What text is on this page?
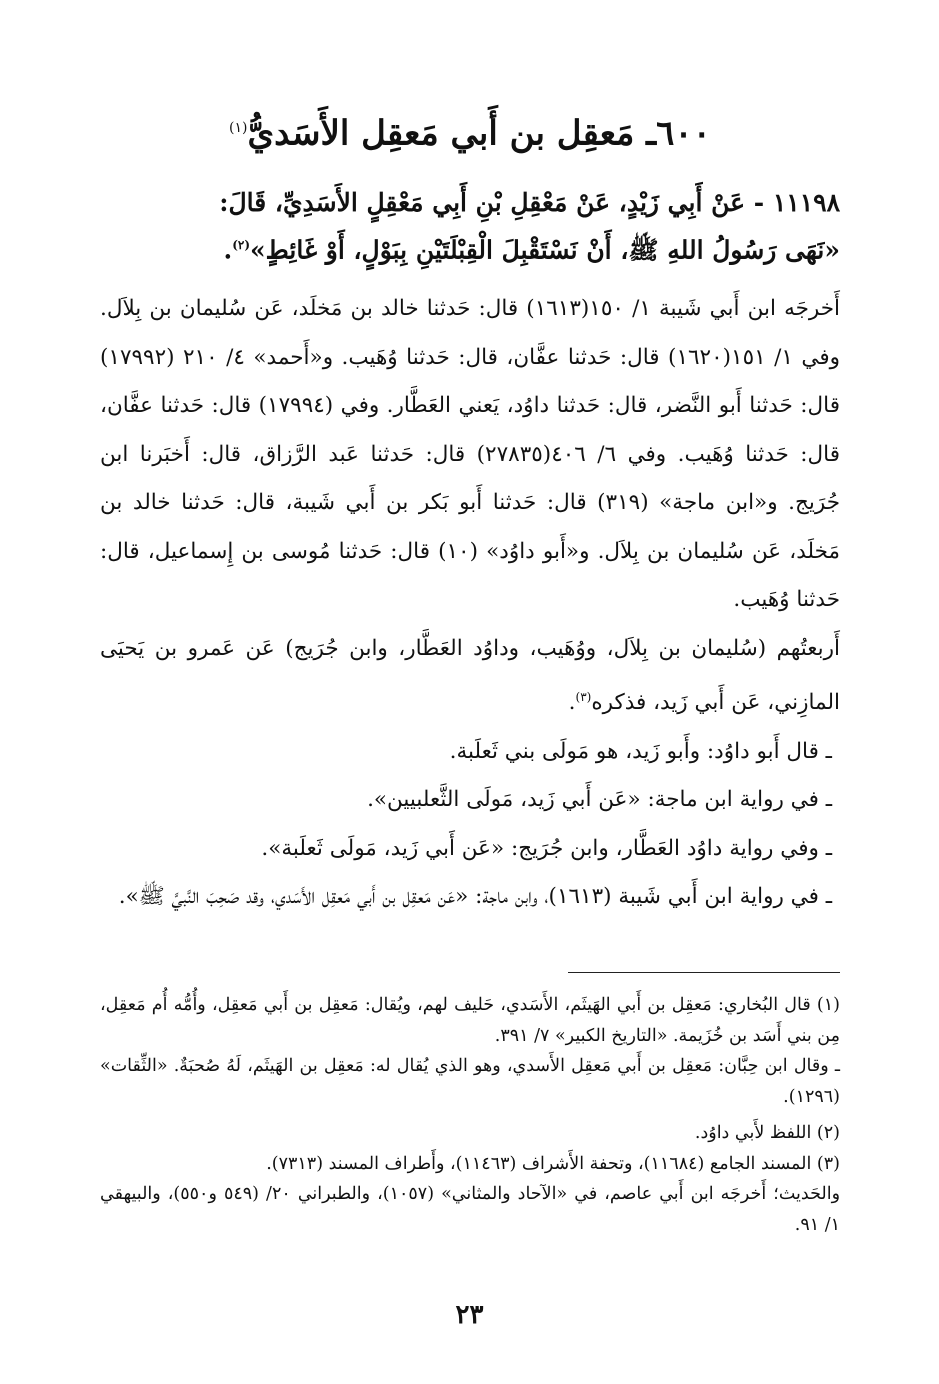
٦٠٠ـ مَعقِل بن أَبي مَعقِل الأَسَديُّ$^{(١)}$

١١١٩٨ - عَنْ أَبِي زَيْدٍ، عَنْ مَعْقِلِ بْنِ أَبِي مَعْقِلٍ الأَسَدِيِّ، قَالَ:

«نَهَى رَسُولُ اللهِ ﷺ، أَنْ نَسْتَقْبِلَ الْقِبْلَتَيْنِ بِبَوْلٍ، أَوْ غَائِطٍ»$^{(٢)}$.

أَخرجَه ابن أَبي شَيبة ١/ ١٥٠(١٦١٣) قال: حَدثنا خالد بن مَخلَد، عَن سُليمان بن بِلاَل. وفي ١/ ١٥١(١٦٢٠) قال: حَدثنا عفَّان، قال: حَدثنا وُهَيب. و«أَحمد» ٤/ ٢١٠ (١٧٩٩٢) قال: حَدثنا أَبو النَّضر، قال: حَدثنا داوُد، يَعني العَطَّار. وفي (١٧٩٩٤) قال: حَدثنا عفَّان، قال: حَدثنا وُهَيب. وفي ٦/ ٤٠٦(٢٧٨٣٥) قال: حَدثنا عَبد الرَّزاق، قال: أَخبَرنا ابن جُرَيج. و«ابن ماجة» (٣١٩) قال: حَدثنا أَبو بَكر بن أَبي شَيبة، قال: حَدثنا خالد بن مَخلَد، عَن سُليمان بن بِلاَل. و«أَبو داوُد» (١٠) قال: حَدثنا مُوسى بن إِسماعيل، قال: حَدثنا وُهَيب.

أَربعتُهم (سُليمان بن بِلاَل، ووُهَيب، وداوُد العَطَّار، وابن جُرَيج) عَن عَمرو بن يَحيَى المازِني، عَن أَبي زَيد، فذكره$^{(٣)}$.

ـ قال أَبو داوُد: وأَبو زَيد، هو مَولَى بني ثَعلَبة.

ـ في رواية ابن ماجة: «عَن أَبي زَيد، مَولَى الثَّعلبيين».

ـ وفي رواية داوُد العَطَّار، وابن جُرَيج: «عَن أَبي زَيد، مَولَى ثَعلَبة».

ـ في رواية ابن أَبي شَيبة (١٦١٣)، وابن ماجة: «عَن مَعقِل بن أَبي مَعقِل الأَسَدي، وقد صَحِبَ النَّبيَّ ﷺ».

(١) قال البُخاري: مَعقِل بن أَبي الهَيثَم، الأَسَدي، حَليف لهم، ويُقال: مَعقِل بن أَبي مَعقِل، وأُمُّه أُم مَعقِل، مِن بني أَسَد بن خُزَيمة. «التاريخ الكبير» ٧/ ٣٩١.

ـ وقال ابن حِبَّان: مَعقِل بن أَبي مَعقِل الأَسدي، وهو الذي يُقال له: مَعقِل بن الهَيثَم، لَهُ صُحبَةٌ. «الثِّقات» (١٢٩٦).

(٢) اللفظ لأَبي داوُد.

(٣) المسند الجامع (١١٦٨٤)، وتحفة الأَشراف (١١٤٦٣)، وأَطراف المسند (٧٣١٣).

والحَديث؛ أَخرجَه ابن أَبي عاصم، في «الآحاد والمثاني» (١٠٥٧)، والطبراني ٢٠/ (٥٤٩ و٥٥٠)، والبيهقي ١/ ٩١.

٢٣
